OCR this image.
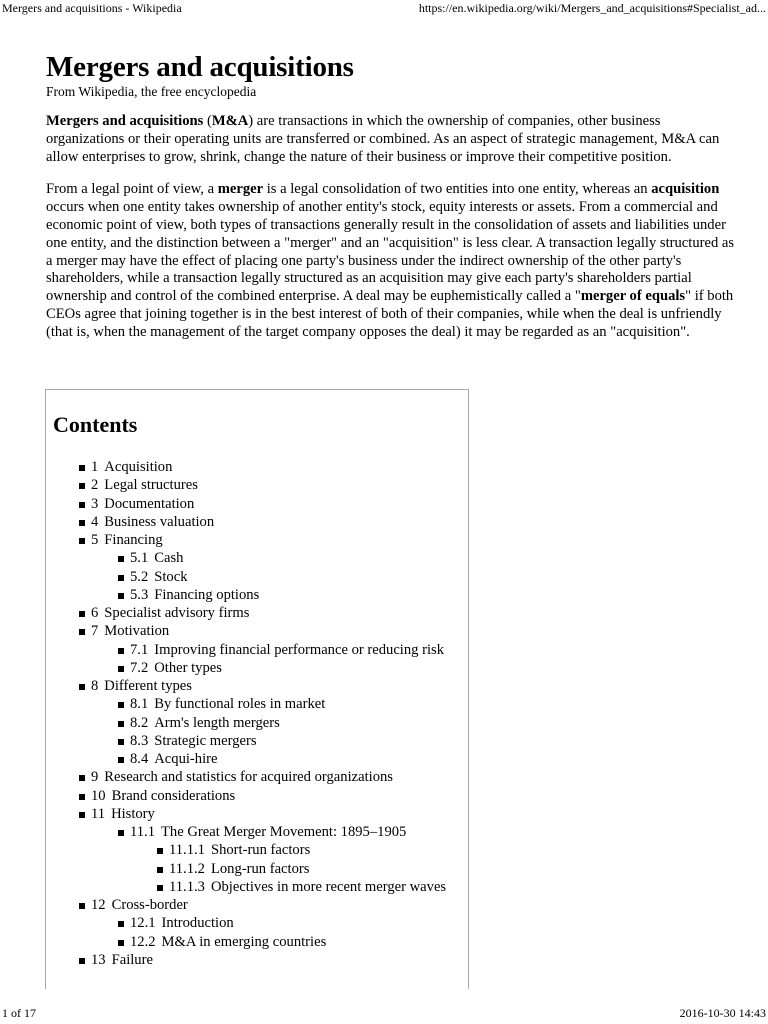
Mergers and acquisitions - Wikipedia	https://en.wikipedia.org/wiki/Mergers_and_acquisitions#Specialist_ad...
Mergers and acquisitions
From Wikipedia, the free encyclopedia

Mergers and acquisitions (M&A) are transactions in which the ownership of companies, other business organizations or their operating units are transferred or combined. As an aspect of strategic management, M&A can allow enterprises to grow, shrink, change the nature of their business or improve their competitive position.

From a legal point of view, a merger is a legal consolidation of two entities into one entity, whereas an acquisition occurs when one entity takes ownership of another entity's stock, equity interests or assets. From a commercial and economic point of view, both types of transactions generally result in the consolidation of assets and liabilities under one entity, and the distinction between a "merger" and an "acquisition" is less clear. A transaction legally structured as a merger may have the effect of placing one party's business under the indirect ownership of the other party's shareholders, while a transaction legally structured as an acquisition may give each party's shareholders partial ownership and control of the combined enterprise. A deal may be euphemistically called a "merger of equals" if both CEOs agree that joining together is in the best interest of both of their companies, while when the deal is unfriendly (that is, when the management of the target company opposes the deal) it may be regarded as an "acquisition".

Contents
1 Acquisition
2 Legal structures
3 Documentation
4 Business valuation
5 Financing
5.1 Cash
5.2 Stock
5.3 Financing options
6 Specialist advisory firms
7 Motivation
7.1 Improving financial performance or reducing risk
7.2 Other types
8 Different types
8.1 By functional roles in market
8.2 Arm's length mergers
8.3 Strategic mergers
8.4 Acqui-hire
9 Research and statistics for acquired organizations
10 Brand considerations
11 History
11.1 The Great Merger Movement: 1895–1905
11.1.1 Short-run factors
11.1.2 Long-run factors
11.1.3 Objectives in more recent merger waves
12 Cross-border
12.1 Introduction
12.2 M&A in emerging countries
13 Failure
1 of 17	2016-10-30 14:43
